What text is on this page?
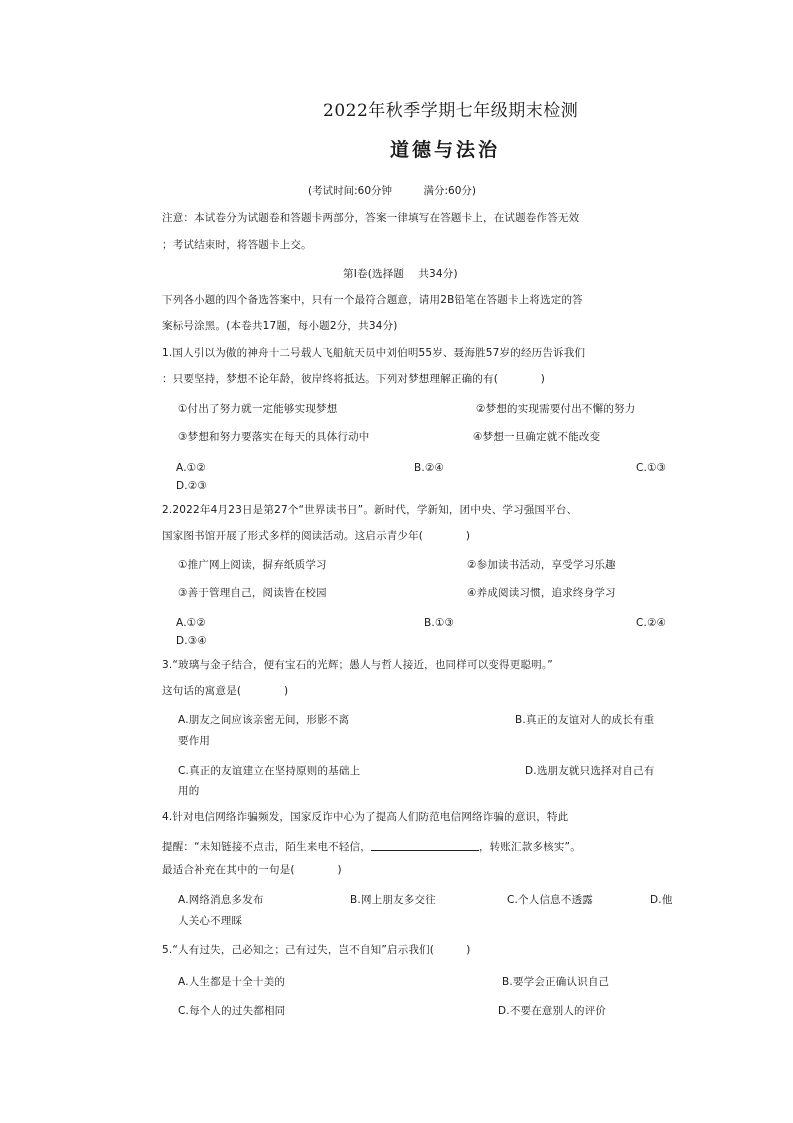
2022年秋季学期七年级期末检测
道德与法治
(考试时间:60分钟　　　满分:60分)
注意：本试卷分为试题卷和答题卡两部分，答案一律填写在答题卡上，在试题卷作答无效
；考试结束时，将答题卡上交。
第Ⅰ卷(选择题　 共34分)
下列各小题的四个备选答案中，只有一个最符合题意，请用2B铅笔在答题卡上将选定的答
案标号涂黑。(本卷共17题，每小题2分，共34分)
1.国人引以为傲的神舟十二号载人飞船航天员中刘伯明55岁、聂海胜57岁的经历告诉我们
：只要坚持，梦想不论年龄，彼岸终将抵达。下列对梦想理解正确的有(　　　　)
①付出了努力就一定能够实现梦想	②梦想的实现需要付出不懈的努力
③梦想和努力要落实在每天的具体行动中	④梦想一旦确定就不能改变
A.①②	B.②④	C.①③
D.②③
2.2022年4月23日是第27个“世界读书日”。新时代，学新知，团中央、学习强国平台、
国家图书馆开展了形式多样的阅读活动。这启示青少年(　　　　)
①推广网上阅读，摒弃纸质学习	②参加读书活动，享受学习乐趣
③善于管理自己，阅读皆在校园	④养成阅读习惯，追求终身学习
A.①②	B.①③	C.②④
D.③④
3.“玻璃与金子结合，便有宝石的光辉；愚人与哲人接近，也同样可以变得更聪明。”
这句话的寓意是(　　　　)
A.朋友之间应该亲密无间，形影不离	B.真正的友谊对人的成长有重
要作用
C.真正的友谊建立在坚持原则的基础上	D.选朋友就只选择对自己有
用的
4.针对电信网络诈骗频发，国家反诈中心为了提高人们防范电信网络诈骗的意识，特此
提醒：“未知链接不点击，陌生来电不轻信，	，转账汇款多核实”。
最适合补充在其中的一句是(　　　　)
A.网络消息多发布	B.网上朋友多交往	C.个人信息不透露	D.他
人关心不理睬
5.“人有过失，己必知之；己有过失，岂不自知”启示我们(　　　)
A.人生都是十全十美的	B.要学会正确认识自己
C.每个人的过失都相同	D.不要在意别人的评价
